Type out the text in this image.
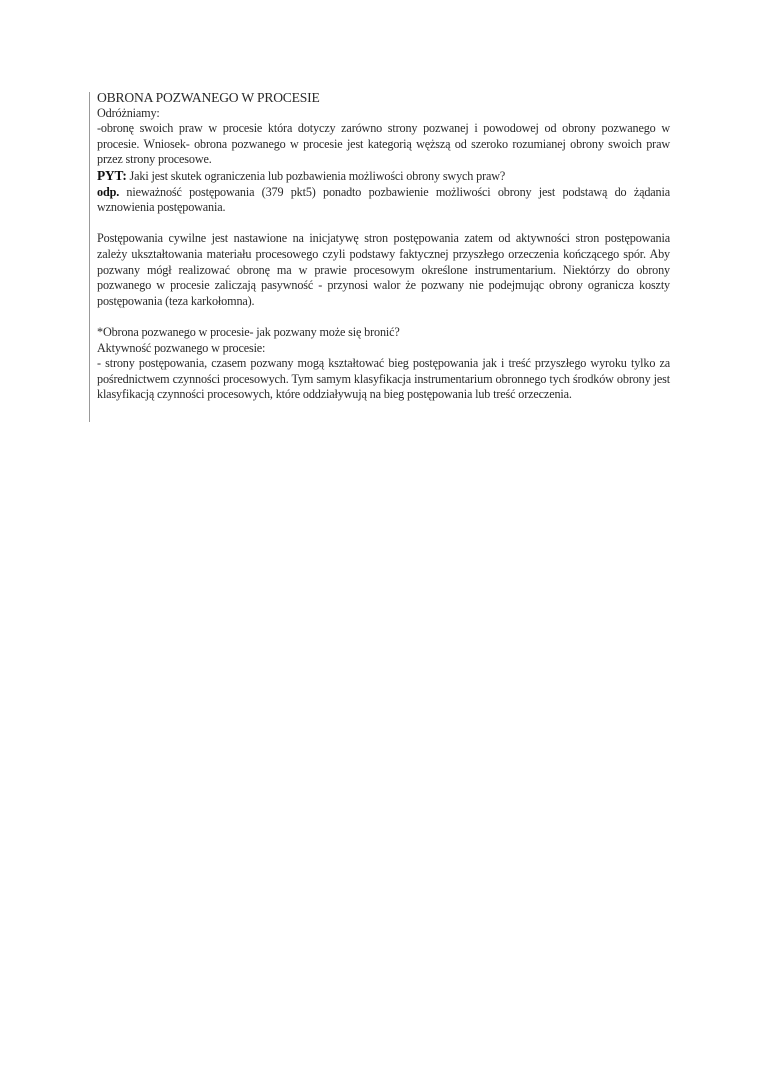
OBRONA POZWANEGO W PROCESIE

Odróżniamy:

-obronę swoich praw w procesie która dotyczy zarówno strony pozwanej i powodowej od obrony pozwanego w procesie. Wniosek- obrona pozwanego w procesie jest kategorią węższą od szeroko rozumianej obrony swoich praw przez strony procesowe.

PYT: Jaki jest skutek ograniczenia lub pozbawienia możliwości obrony swych praw?

odp. nieważność postępowania (379 pkt5) ponadto pozbawienie możliwości obrony jest podstawą do żądania wznowienia postępowania.

Postępowania cywilne jest nastawione na inicjatywę stron postępowania zatem od aktywności stron postępowania zależy ukształtowania materiału procesowego czyli podstawy faktycznej przyszłego orzeczenia kończącego spór. Aby pozwany mógł realizować obronę ma w prawie procesowym określone instrumentarium. Niektórzy do obrony pozwanego w procesie zaliczają pasywność - przynosi walor że pozwany nie podejmując obrony ogranicza koszty postępowania (teza karkołomna).

*Obrona pozwanego w procesie- jak pozwany może się bronić?

Aktywność pozwanego w procesie:

- strony postępowania, czasem pozwany mogą kształtować bieg postępowania jak i treść przyszłego wyroku tylko za pośrednictwem czynności procesowych. Tym samym klasyfikacja instrumentarium obronnego tych środków obrony jest klasyfikacją czynności procesowych, które oddziaływują na bieg postępowania lub treść orzeczenia.
